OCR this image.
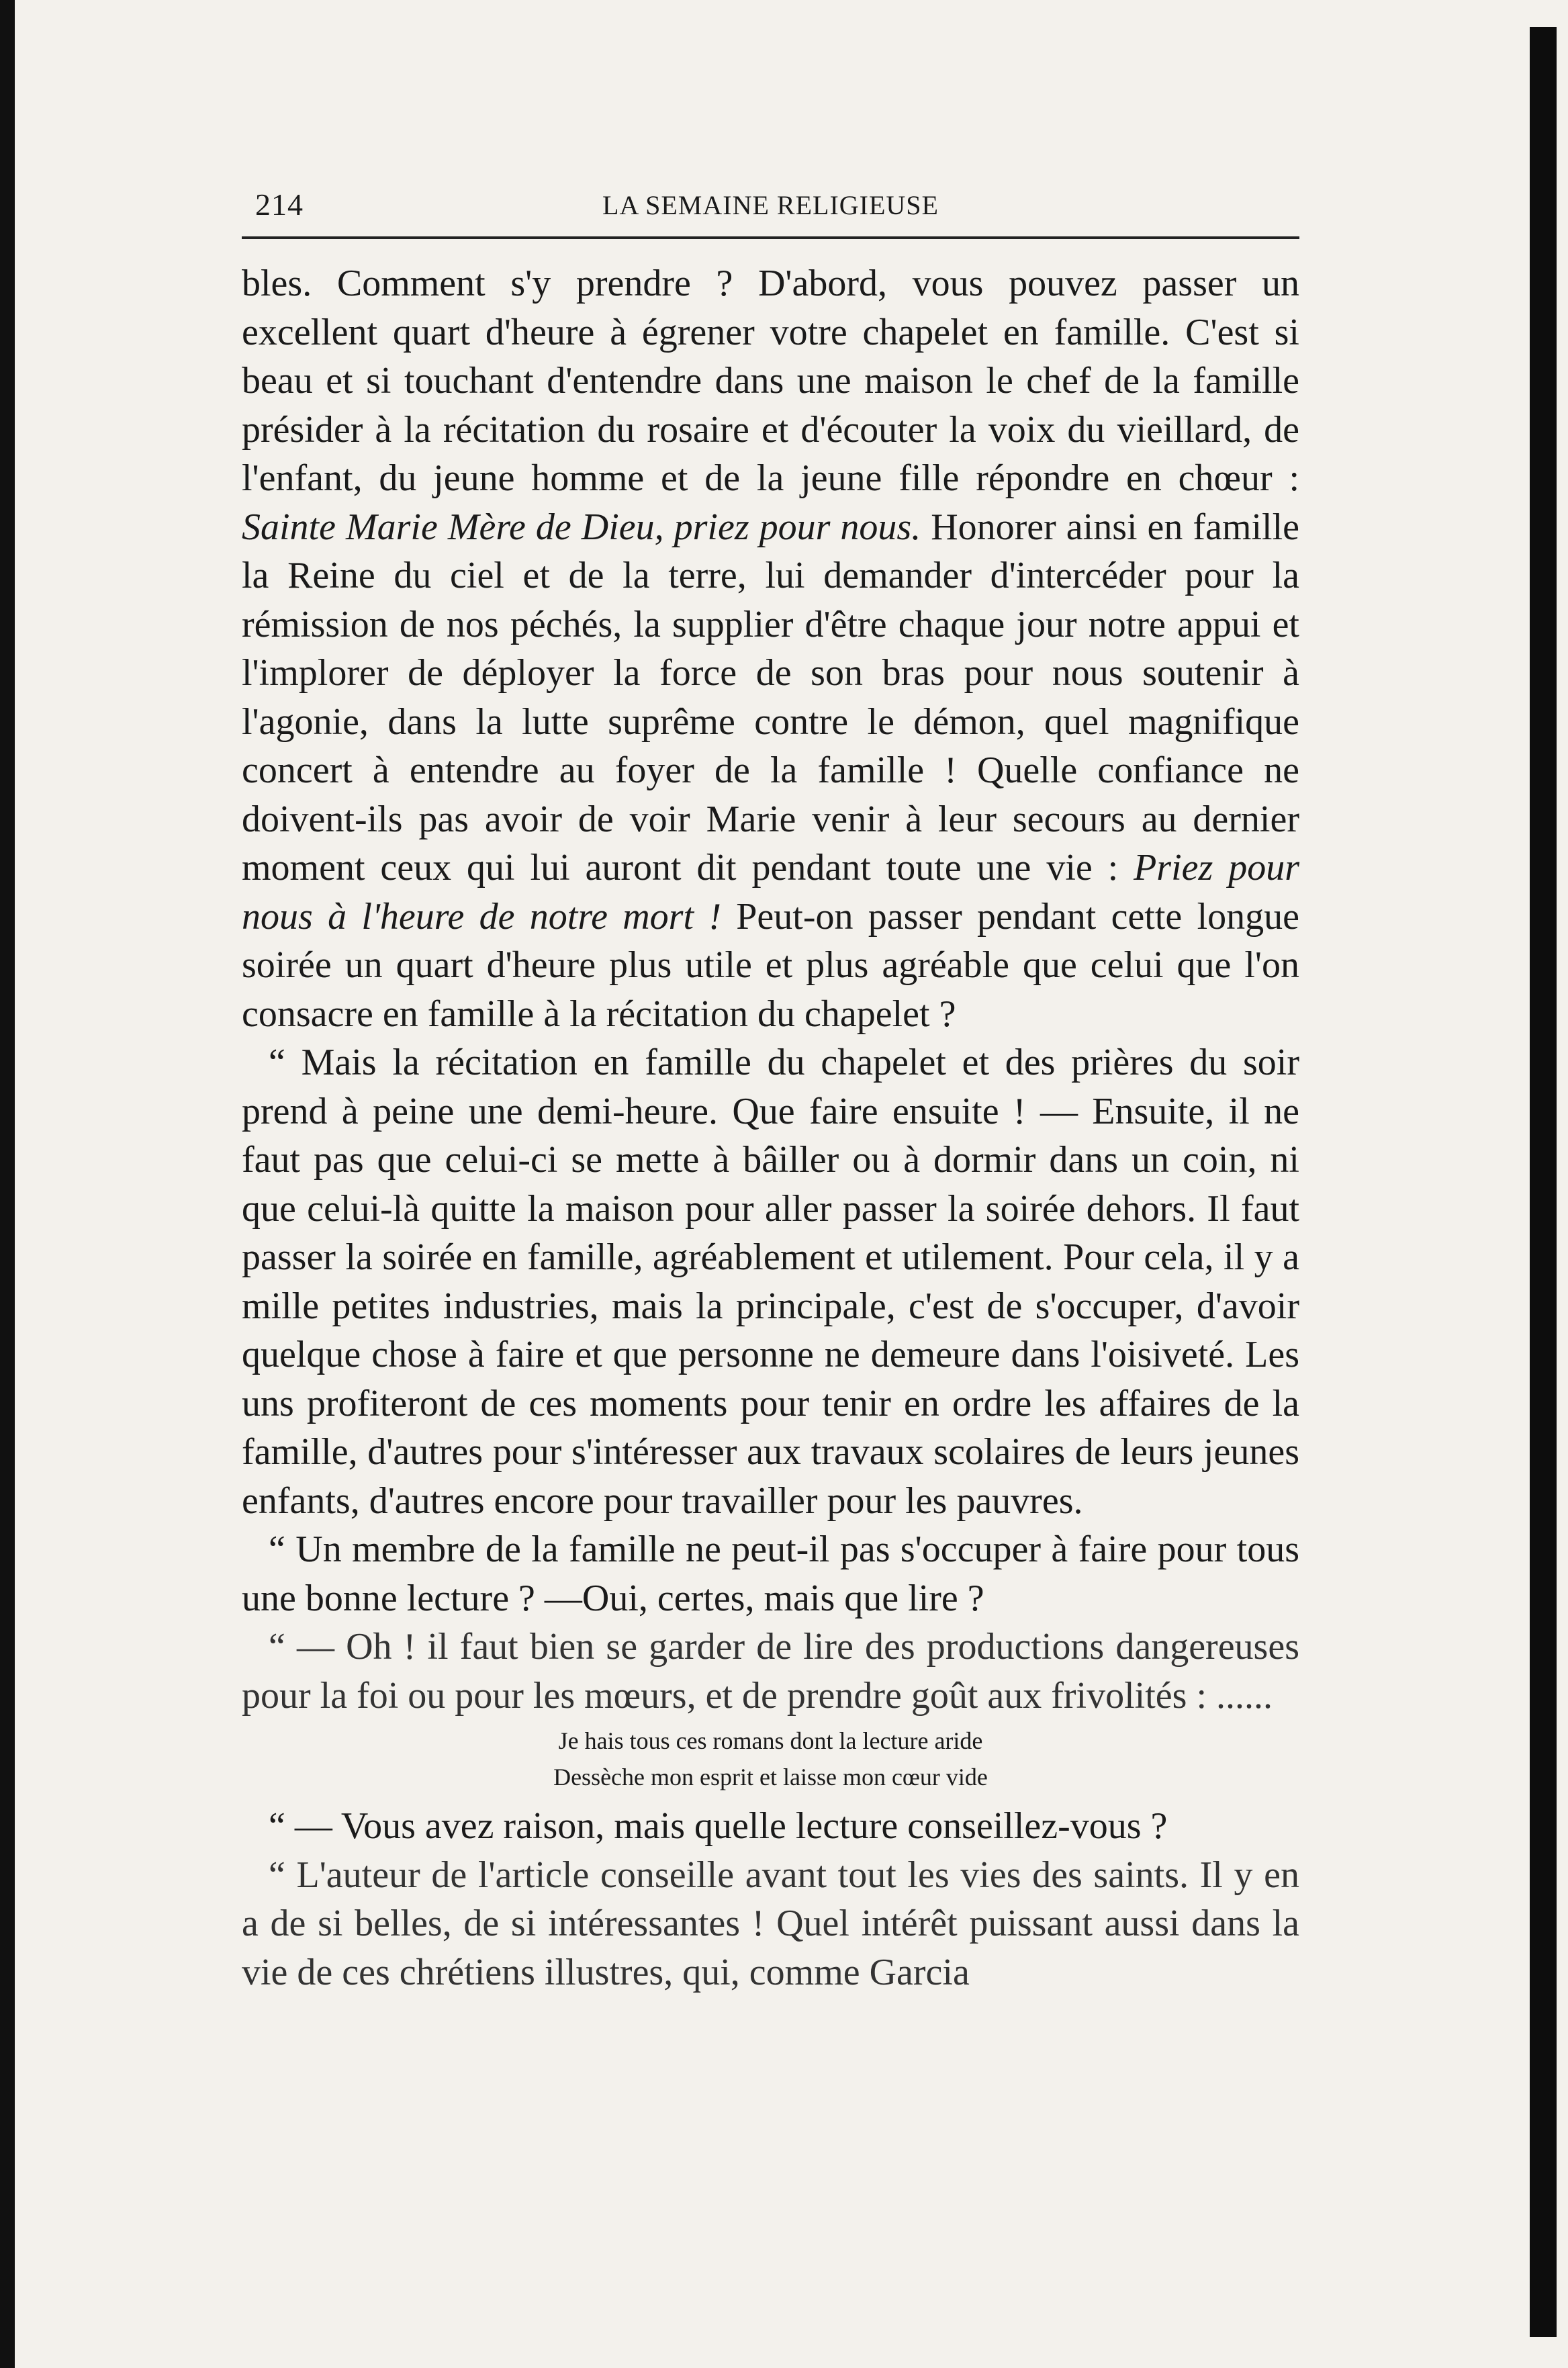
214	LA SEMAINE RELIGIEUSE

bles. Comment s'y prendre ? D'abord, vous pouvez passer un excellent quart d'heure à égrener votre chapelet en famille. C'est si beau et si touchant d'entendre dans une maison le chef de la famille présider à la récitation du rosaire et d'écouter la voix du vieillard, de l'enfant, du jeune homme et de la jeune fille répondre en chœur : Sainte Marie Mère de Dieu, priez pour nous. Honorer ainsi en famille la Reine du ciel et de la terre, lui demander d'intercéder pour la rémission de nos péchés, la supplier d'être chaque jour notre appui et l'implorer de déployer la force de son bras pour nous soutenir à l'agonie, dans la lutte suprême contre le démon, quel magnifique concert à entendre au foyer de la famille ! Quelle confiance ne doivent-ils pas avoir de voir Marie venir à leur secours au dernier moment ceux qui lui auront dit pendant toute une vie : Priez pour nous à l'heure de notre mort ! Peut-on passer pendant cette longue soirée un quart d'heure plus utile et plus agréable que celui que l'on consacre en famille à la récitation du chapelet ?

“ Mais la récitation en famille du chapelet et des prières du soir prend à peine une demi-heure. Que faire ensuite ! — Ensuite, il ne faut pas que celui-ci se mette à bâiller ou à dormir dans un coin, ni que celui-là quitte la maison pour aller passer la soirée dehors. Il faut passer la soirée en famille, agréablement et utilement. Pour cela, il y a mille petites industries, mais la principale, c'est de s'occuper, d'avoir quelque chose à faire et que personne ne demeure dans l'oisiveté. Les uns profiteront de ces moments pour tenir en ordre les affaires de la famille, d'autres pour s'intéresser aux travaux scolaires de leurs jeunes enfants, d'autres encore pour travailler pour les pauvres.

“ Un membre de la famille ne peut-il pas s'occuper à faire pour tous une bonne lecture ? —Oui, certes, mais que lire ?

“ — Oh ! il faut bien se garder de lire des productions dangereuses pour la foi ou pour les mœurs, et de prendre goût aux frivolités : ......

Je hais tous ces romans dont la lecture aride
Dessèche mon esprit et laisse mon cœur vide

“ — Vous avez raison, mais quelle lecture conseillez-vous ?

“ L'auteur de l'article conseille avant tout les vies des saints. Il y en a de si belles, de si intéressantes ! Quel intérêt puissant aussi dans la vie de ces chrétiens illustres, qui, comme Garcia
